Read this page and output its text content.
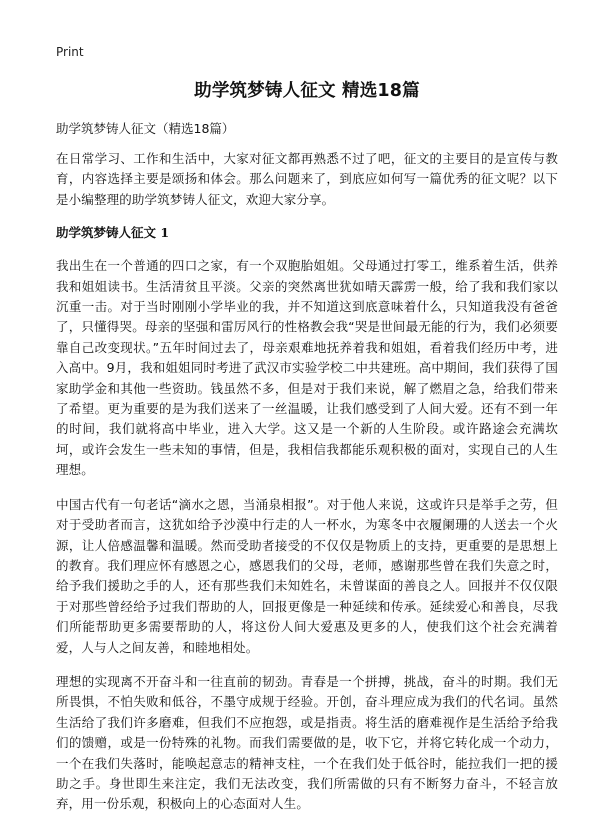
Print
助学筑梦铸人征文 精选18篇
助学筑梦铸人征文（精选18篇）

在日常学习、工作和生活中，大家对征文都再熟悉不过了吧，征文的主要目的是宣传与教育，内容选择主要是颂扬和体会。那么问题来了，到底应如何写一篇优秀的征文呢？以下是小编整理的助学筑梦铸人征文，欢迎大家分享。

助学筑梦铸人征文 1

我出生在一个普通的四口之家，有一个双胞胎姐姐。父母通过打零工，维系着生活，供养我和姐姐读书。生活清贫且平淡。父亲的突然离世犹如晴天霹雳一般，给了我和我们家以沉重一击。对于当时刚刚小学毕业的我，并不知道这到底意味着什么，只知道我没有爸爸了，只懂得哭。母亲的坚强和雷厉风行的性格教会我“哭是世间最无能的行为，我们必须要靠自己改变现状。”五年时间过去了，母亲艰难地抚养着我和姐姐，看着我们经历中考，进入高中。9月，我和姐姐同时考进了武汉市实验学校二中共建班。高中期间，我们获得了国家助学金和其他一些资助。钱虽然不多，但是对于我们来说，解了燃眉之急，给我们带来了希望。更为重要的是为我们送来了一丝温暖，让我们感受到了人间大爱。还有不到一年的时间，我们就将高中毕业，进入大学。这又是一个新的人生阶段。或许路途会充满坎坷，或许会发生一些未知的事情，但是，我相信我都能乐观积极的面对，实现自己的人生理想。

中国古代有一句老话“滴水之恩，当涌泉相报”。对于他人来说，这或许只是举手之劳，但对于受助者而言，这犹如给予沙漠中行走的人一杯水，为寒冬中衣履阑珊的人送去一个火源，让人倍感温馨和温暖。然而受助者接受的不仅仅是物质上的支持，更重要的是思想上的教育。我们理应怀有感恩之心，感恩我们的父母，老师，感谢那些曾在我们失意之时，给予我们援助之手的人，还有那些我们未知姓名，未曾谋面的善良之人。回报并不仅仅限于对那些曾经给予过我们帮助的人，回报更像是一种延续和传承。延续爱心和善良，尽我们所能帮助更多需要帮助的人，将这份人间大爱惠及更多的人，使我们这个社会充满着爱，人与人之间友善，和睦地相处。

理想的实现离不开奋斗和一往直前的韧劲。青春是一个拼搏，挑战，奋斗的时期。我们无所畏惧，不怕失败和低谷，不墨守成规于经验。开创，奋斗理应成为我们的代名词。虽然生活给了我们许多磨难，但我们不应抱怨，或是指责。将生活的磨难视作是生活给予给我们的馈赠，或是一份特殊的礼物。而我们需要做的是，收下它，并将它转化成一个动力，一个在我们失落时，能唤起意志的精神支柱，一个在我们处于低谷时，能拉我们一把的援助之手。身世即生来注定，我们无法改变，我们所需做的只有不断努力奋斗，不轻言放弃，用一份乐观，积极向上的心态面对人生。
